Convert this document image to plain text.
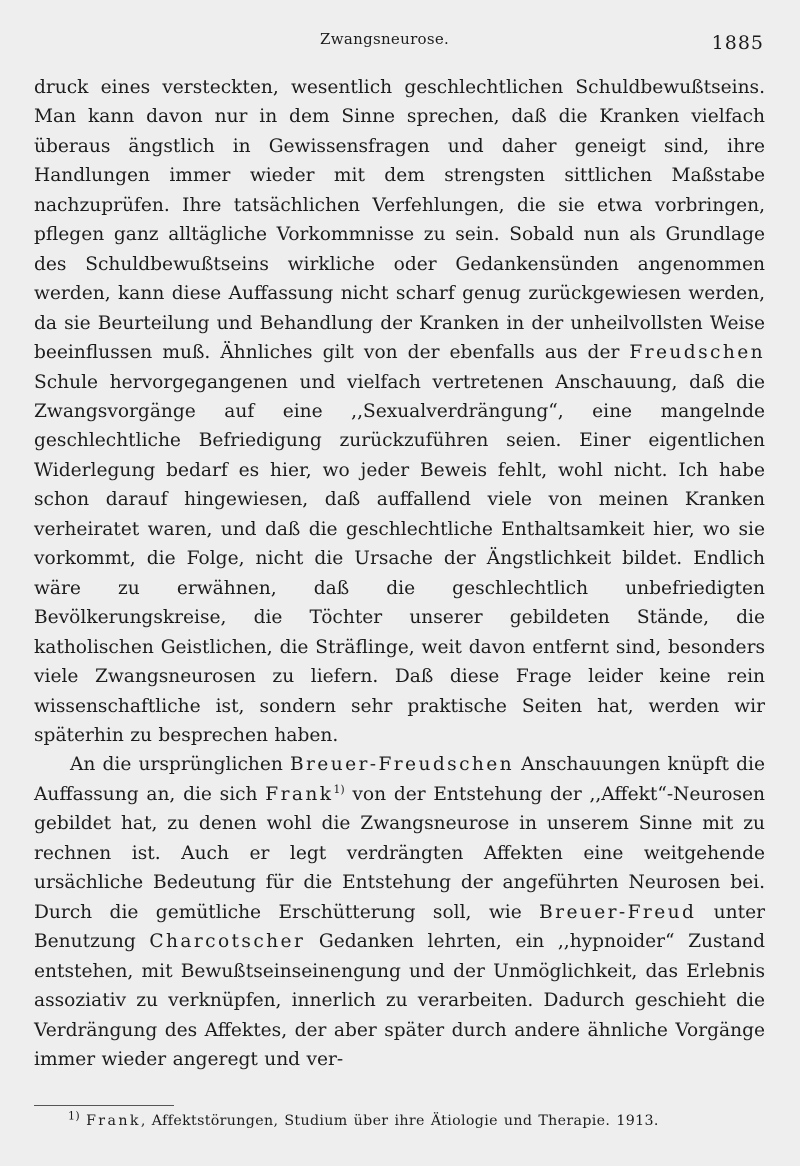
Zwangsneurose.	1885

druck eines versteckten, wesentlich geschlechtlichen Schuldbewußtseins. Man kann davon nur in dem Sinne sprechen, daß die Kranken vielfach überaus ängstlich in Gewissensfragen und daher geneigt sind, ihre Handlungen immer wieder mit dem strengsten sittlichen Maßstabe nachzuprüfen. Ihre tatsächlichen Verfehlungen, die sie etwa vorbringen, pflegen ganz alltägliche Vorkommnisse zu sein. Sobald nun als Grundlage des Schuldbewußtseins wirkliche oder Gedankensünden angenommen werden, kann diese Auffassung nicht scharf genug zurückgewiesen werden, da sie Beurteilung und Behandlung der Kranken in der unheilvollsten Weise beeinflussen muß. Ähnliches gilt von der ebenfalls aus der Freudschen Schule hervorgegangenen und vielfach vertretenen Anschauung, daß die Zwangsvorgänge auf eine ,,Sexualverdrängung“, eine mangelnde geschlechtliche Befriedigung zurückzuführen seien. Einer eigentlichen Widerlegung bedarf es hier, wo jeder Beweis fehlt, wohl nicht. Ich habe schon darauf hingewiesen, daß auffallend viele von meinen Kranken verheiratet waren, und daß die geschlechtliche Enthaltsamkeit hier, wo sie vorkommt, die Folge, nicht die Ursache der Ängstlichkeit bildet. Endlich wäre zu erwähnen, daß die geschlechtlich unbefriedigten Bevölkerungskreise, die Töchter unserer gebildeten Stände, die katholischen Geistlichen, die Sträflinge, weit davon entfernt sind, besonders viele Zwangsneurosen zu liefern. Daß diese Frage leider keine rein wissenschaftliche ist, sondern sehr praktische Seiten hat, werden wir späterhin zu besprechen haben.

An die ursprünglichen Breuer-Freudschen Anschauungen knüpft die Auffassung an, die sich Frank$^{1)}$ von der Entstehung der ,,Affekt“-Neurosen gebildet hat, zu denen wohl die Zwangsneurose in unserem Sinne mit zu rechnen ist. Auch er legt verdrängten Affekten eine weitgehende ursächliche Bedeutung für die Entstehung der angeführten Neurosen bei. Durch die gemütliche Erschütterung soll, wie Breuer-Freud unter Benutzung Charcotscher Gedanken lehrten, ein ,,hypnoider“ Zustand entstehen, mit Bewußtseinseinengung und der Unmöglichkeit, das Erlebnis assoziativ zu verknüpfen, innerlich zu verarbeiten. Dadurch geschieht die Verdrängung des Affektes, der aber später durch andere ähnliche Vorgänge immer wieder angeregt und ver-

$^{1)}$ Frank, Affektstörungen, Studium über ihre Ätiologie und Therapie. 1913.
